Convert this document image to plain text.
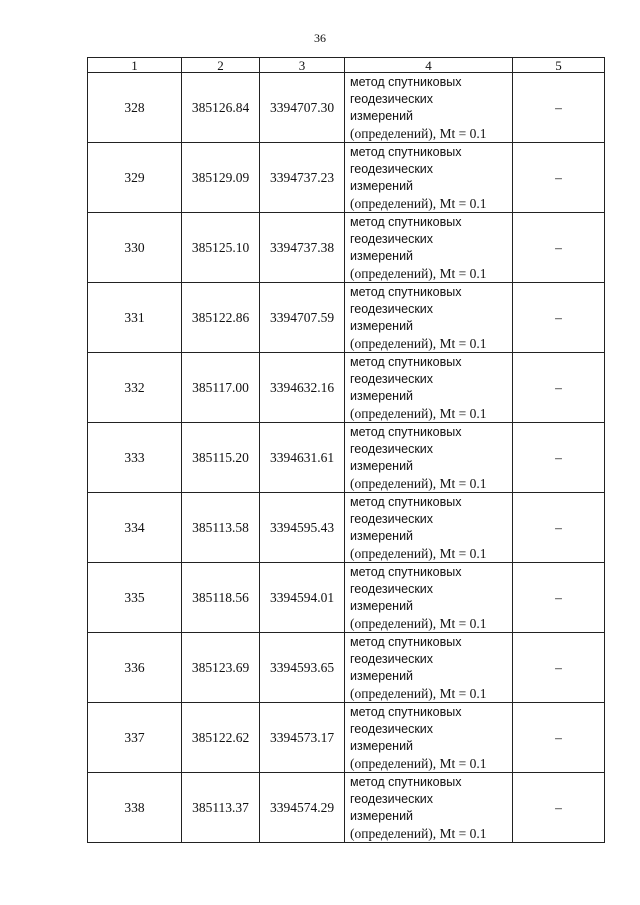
36
1	2	3	4	5
328	385126.84	3394707.30	метод спутниковых
геодезических
измерений
(определений), Mt = 0.1	–
329	385129.09	3394737.23	метод спутниковых
геодезических
измерений
(определений), Mt = 0.1	–
330	385125.10	3394737.38	метод спутниковых
геодезических
измерений
(определений), Mt = 0.1	–
331	385122.86	3394707.59	метод спутниковых
геодезических
измерений
(определений), Mt = 0.1	–
332	385117.00	3394632.16	метод спутниковых
геодезических
измерений
(определений), Mt = 0.1	–
333	385115.20	3394631.61	метод спутниковых
геодезических
измерений
(определений), Mt = 0.1	–
334	385113.58	3394595.43	метод спутниковых
геодезических
измерений
(определений), Mt = 0.1	–
335	385118.56	3394594.01	метод спутниковых
геодезических
измерений
(определений), Mt = 0.1	–
336	385123.69	3394593.65	метод спутниковых
геодезических
измерений
(определений), Mt = 0.1	–
337	385122.62	3394573.17	метод спутниковых
геодезических
измерений
(определений), Mt = 0.1	–
338	385113.37	3394574.29	метод спутниковых
геодезических
измерений
(определений), Mt = 0.1	–
